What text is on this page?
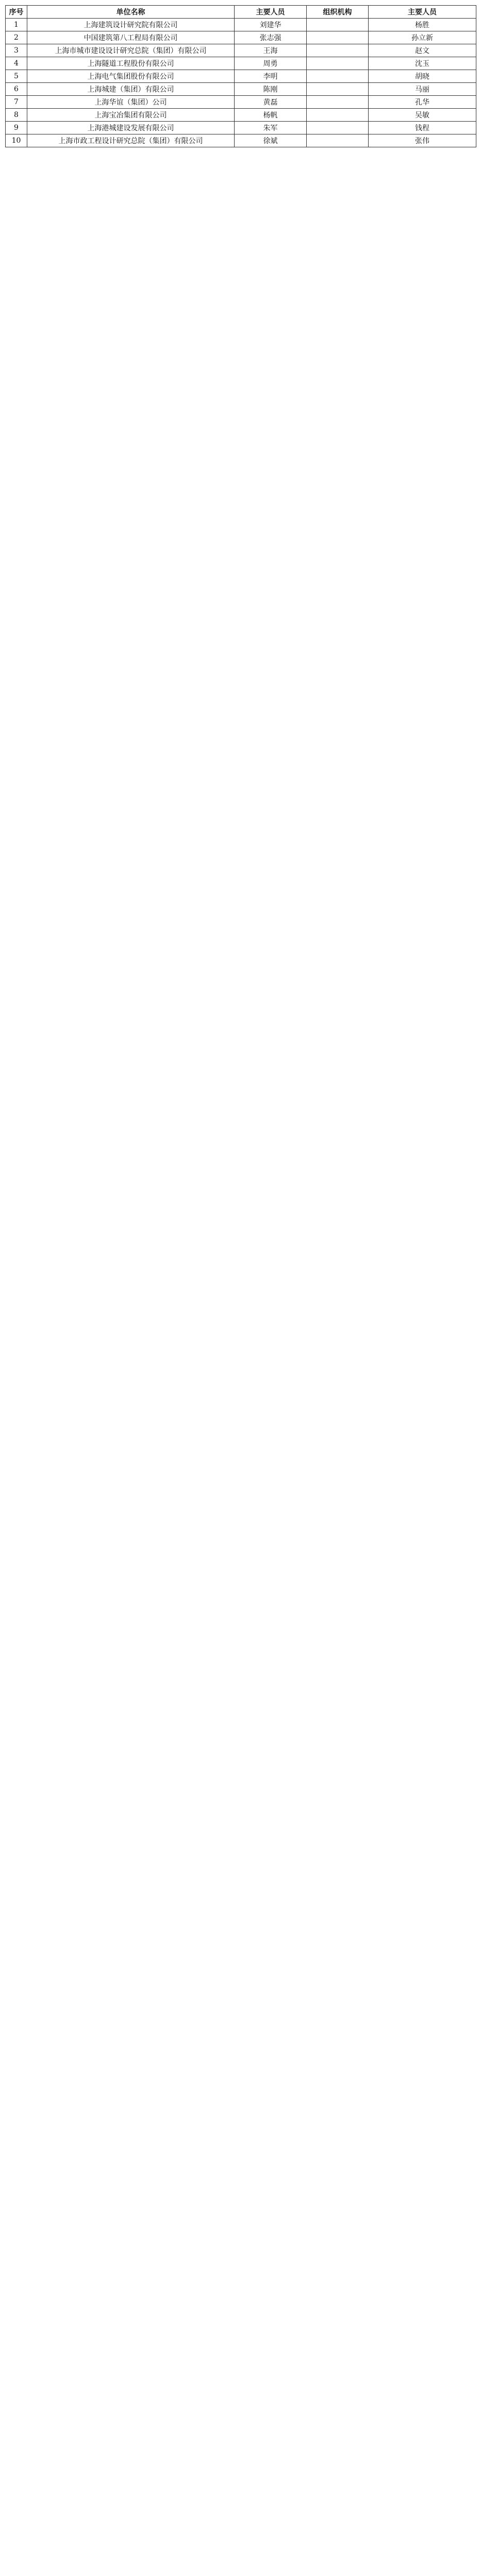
序号	单位名称	主要人员	组织机构	主要人员
1	上海建筑设计研究院有限公司	刘建华		杨胜
2	中国建筑第八工程局有限公司	张志强		孙立新
3	上海市城市建设设计研究总院（集团）有限公司	王海		赵文
4	上海隧道工程股份有限公司	周勇		沈玉
5	上海电气集团股份有限公司	李明		胡晓
6	上海城建（集团）有限公司	陈刚		马丽
7	上海华谊（集团）公司	黄磊		孔华
8	上海宝冶集团有限公司	杨帆		吴敏
9	上海港城建设发展有限公司	朱军		钱程
10	上海市政工程设计研究总院（集团）有限公司	徐斌		张伟
